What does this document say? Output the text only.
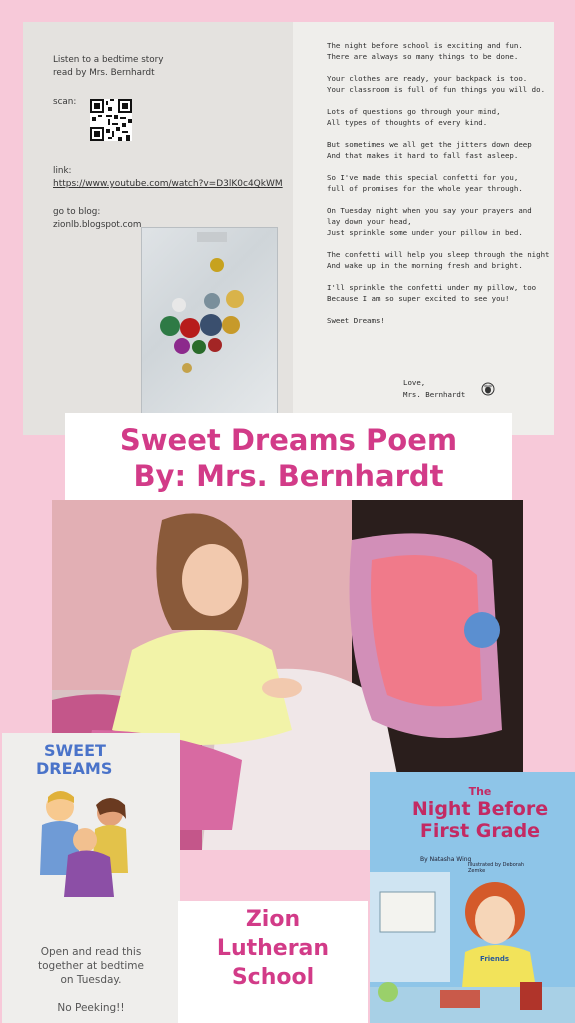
Listen to a bedtime story
read by Mrs. Bernhardt
scan:
link:
https://www.youtube.com/watch?v=D3lK0c4QkWM
go to blog:
zionlb.blogspot.com
The night before school is exciting and fun.
There are always so many things to be done.

Your clothes are ready, your backpack is too.
Your classroom is full of fun things you will do.

Lots of questions go through your mind,
All types of thoughts of every kind.

But sometimes we all get the jitters down deep
And that makes it hard to fall fast asleep.

So I've made this special confetti for you,
full of promises for the whole year through.

On Tuesday night when you say your prayers and
lay down your head,
Just sprinkle some under your pillow in bed.

The confetti will help you sleep through the night
And wake up in the morning fresh and bright.

I'll sprinkle the confetti under my pillow, too
Because I am so super excited to see you!

Sweet Dreams!
Love,
Mrs. Bernhardt
Sweet Dreams Poem
By: Mrs. Bernhardt
SWEET
DREAMS
Open and read this
together at bedtime
on Tuesday.
No Peeking!!
Zion
Lutheran
School
The
Night Before
First Grade
By Natasha Wing
Illustrated by Deborah Zemke
Friends
